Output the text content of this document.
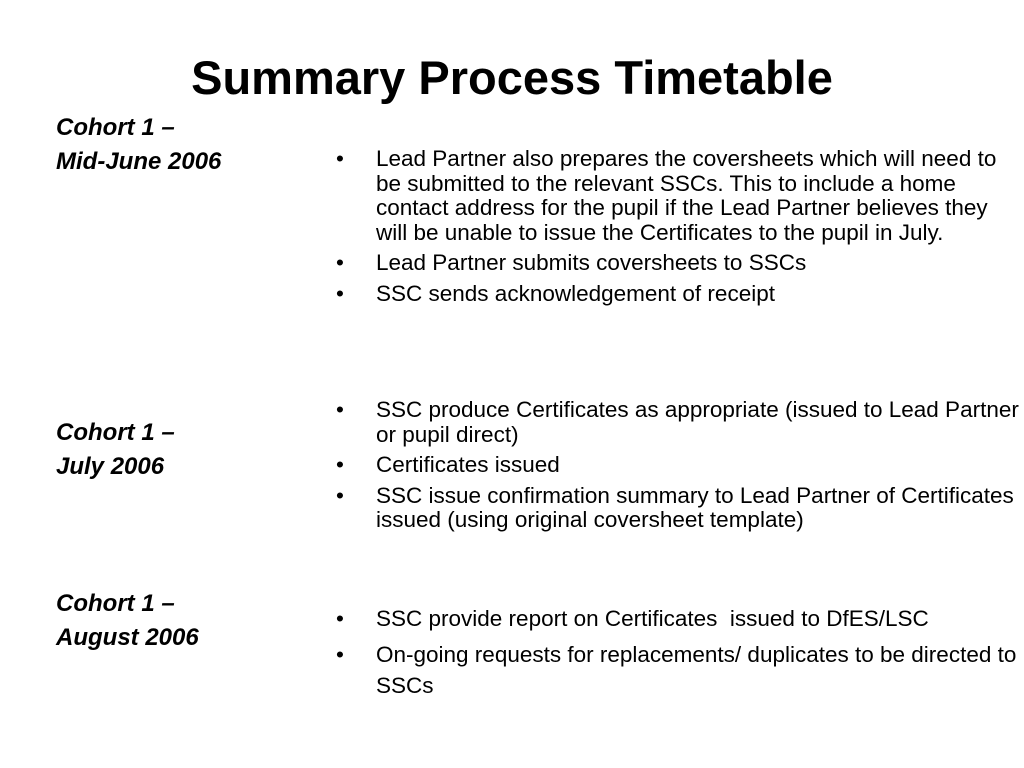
Summary Process Timetable
Cohort 1 –
Mid-June 2006	• Lead Partner also prepares the coversheets which will need to be submitted to the relevant SSCs. This to include a home contact address for the pupil if the Lead Partner believes they will be unable to issue the Certificates to the pupil in July.
• Lead Partner submits coversheets to SSCs
• SSC sends acknowledgement of receipt
Cohort 1 –
July 2006
• SSC produce Certificates as appropriate (issued to Lead Partner or pupil direct)
• Certificates issued
• SSC issue confirmation summary to Lead Partner of Certificates issued (using original coversheet template)
Cohort 1 –
August 2006
• SSC provide report on Certificates  issued to DfES/LSC
• On-going requests for replacements/ duplicates to be directed to SSCs
